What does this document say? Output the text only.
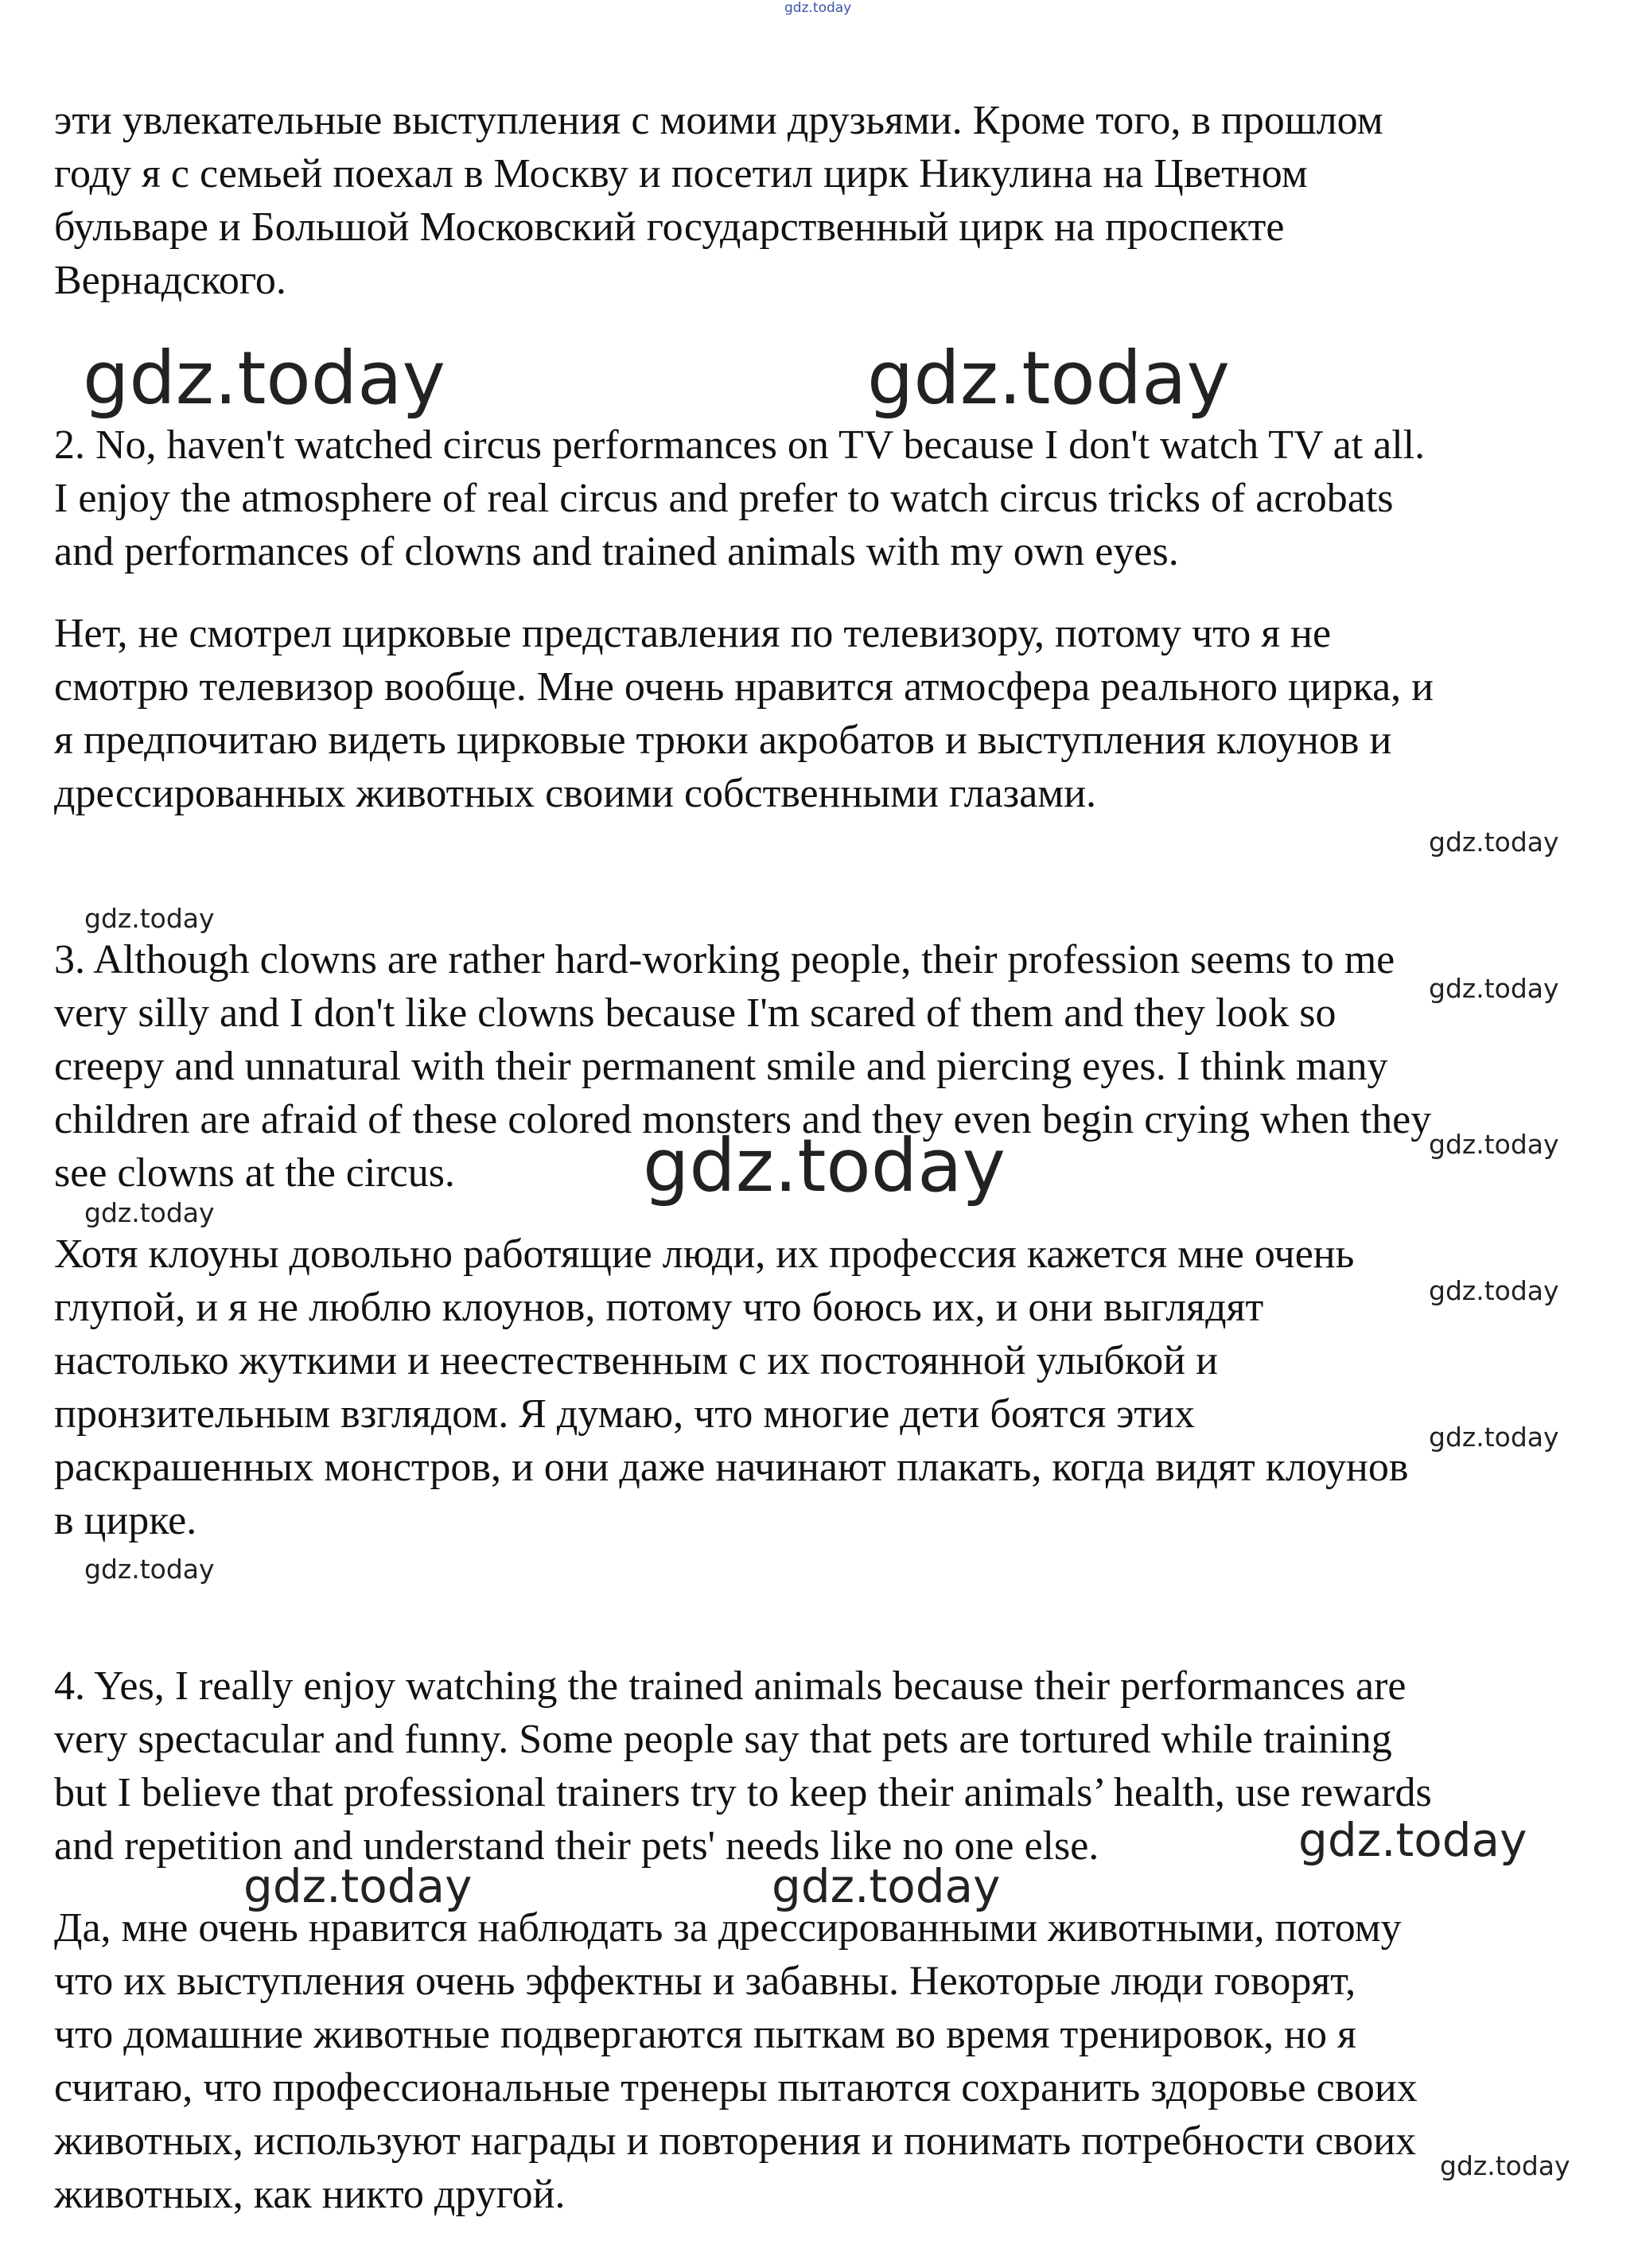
gdz.today

эти увлекательные выступления с моими друзьями. Кроме того, в прошлом
году я с семьей поехал в Москву и посетил цирк Никулина на Цветном
бульваре и Большой Московский государственный цирк на проспекте
Вернадского.

gdz.today	gdz.today

2. No, haven't watched circus performances on TV because I don't watch TV at all.
I enjoy the atmosphere of real circus and prefer to watch circus tricks of acrobats
and performances of clowns and trained animals with my own eyes.

Нет, не смотрел цирковые представления по телевизору, потому что я не
смотрю телевизор вообще. Мне очень нравится атмосфера реального цирка, и
я предпочитаю видеть цирковые трюки акробатов и выступления клоунов и
дрессированных животных своими собственными глазами.

gdz.today
gdz.today

3. Although clowns are rather hard-working people, their profession seems to me
very silly and I don't like clowns because I'm scared of them and they look so
creepy and unnatural with their permanent smile and piercing eyes. I think many
children are afraid of these colored monsters and they even begin crying when they
see clowns at the circus.

gdz.today
gdz.today
gdz.today
gdz.today

Хотя клоуны довольно работящие люди, их профессия кажется мне очень
глупой, и я не люблю клоунов, потому что боюсь их, и они выглядят
настолько жуткими и неестественным с их постоянной улыбкой и
пронзительным взглядом. Я думаю, что многие дети боятся этих
раскрашенных монстров, и они даже начинают плакать, когда видят клоунов
в цирке.

gdz.today
gdz.today
gdz.today

4. Yes, I really enjoy watching the trained animals because their performances are
very spectacular and funny. Some people say that pets are tortured while training
but I believe that professional trainers try to keep their animals’ health, use rewards
and repetition and understand their pets' needs like no one else.	gdz.today
gdz.today	gdz.today

Да, мне очень нравится наблюдать за дрессированными животными, потому
что их выступления очень эффектны и забавны. Некоторые люди говорят,
что домашние животные подвергаются пыткам во время тренировок, но я
считаю, что профессиональные тренеры пытаются сохранить здоровье своих
животных, используют награды и повторения и понимать потребности своих
животных, как никто другой.

gdz.today
